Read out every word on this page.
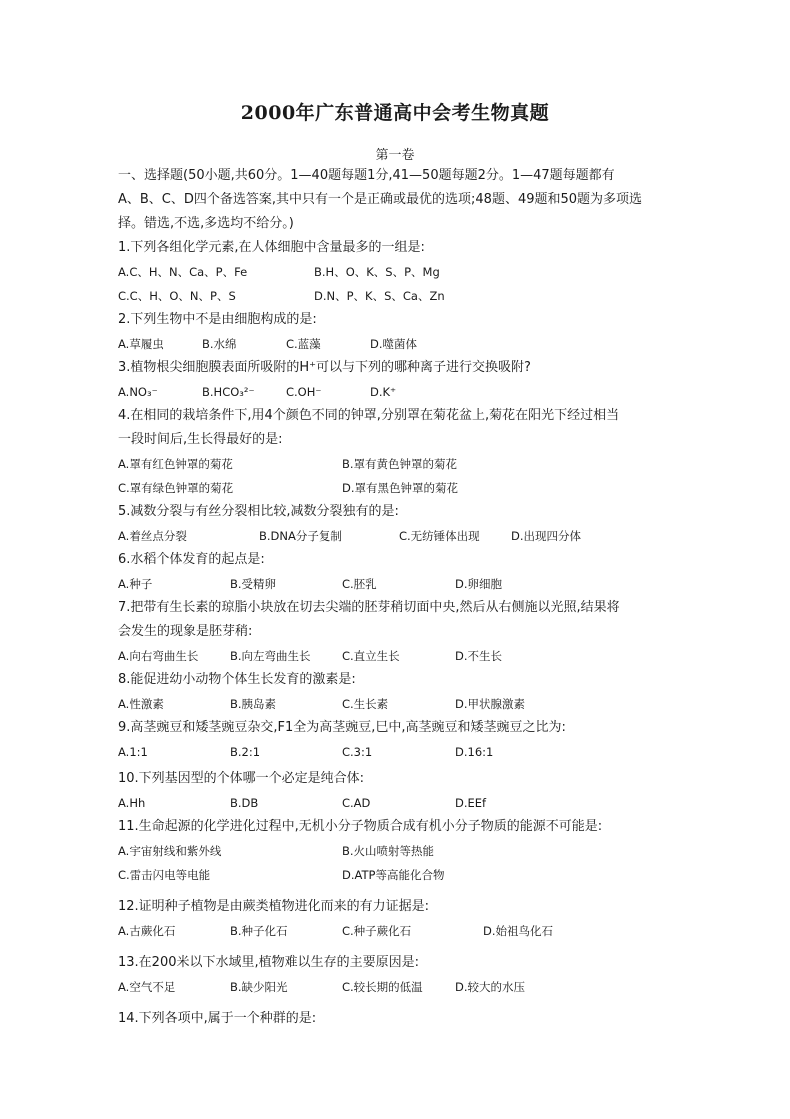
2000年广东普通高中会考生物真题
第一卷
一、选择题(50小题,共60分。1—40题每题1分,41—50题每题2分。1—47题每题都有
A、B、C、D四个备选答案,其中只有一个是正确或最优的选项;48题、49题和50题为多项选
择。错选,不选,多选均不给分。)
1.下列各组化学元素,在人体细胞中含量最多的一组是:
A.C、H、N、Ca、P、Fe	B.H、O、K、S、P、Mg
C.C、H、O、N、P、S	D.N、P、K、S、Ca、Zn
2.下列生物中不是由细胞构成的是:
A.草履虫	B.水绵	C.蓝藻	D.噬菌体
3.植物根尖细胞膜表面所吸附的H⁺可以与下列的哪种离子进行交换吸附?
A.NO₃⁻	B.HCO₃²⁻	C.OH⁻	D.K⁺
4.在相同的栽培条件下,用4个颜色不同的钟罩,分别罩在菊花盆上,菊花在阳光下经过相当
一段时间后,生长得最好的是:
A.罩有红色钟罩的菊花	B.罩有黄色钟罩的菊花
C.罩有绿色钟罩的菊花	D.罩有黑色钟罩的菊花
5.减数分裂与有丝分裂相比较,减数分裂独有的是:
A.着丝点分裂	B.DNA分子复制	C.无纺锤体出现	D.出现四分体
6.水稻个体发育的起点是:
A.种子	B.受精卵	C.胚乳	D.卵细胞
7.把带有生长素的琼脂小块放在切去尖端的胚芽稍切面中央,然后从右侧施以光照,结果将
会发生的现象是胚芽稍:
A.向右弯曲生长	B.向左弯曲生长	C.直立生长	D.不生长
8.能促进幼小动物个体生长发育的激素是:
A.性激素	B.胰岛素	C.生长素	D.甲状腺激素
9.高茎豌豆和矮茎豌豆杂交,F1全为高茎豌豆,巳中,高茎豌豆和矮茎豌豆之比为:
A.1:1	B.2:1	C.3:1	D.16:1
10.下列基因型的个体哪一个必定是纯合体:
A.Hh	B.DB	C.AD	D.EEf
11.生命起源的化学进化过程中,无机小分子物质合成有机小分子物质的能源不可能是:
A.宇宙射线和紫外线	B.火山喷射等热能
C.雷击闪电等电能	D.ATP等高能化合物
12.证明种子植物是由蕨类植物进化而来的有力证据是:
A.古蕨化石	B.种子化石	C.种子蕨化石	D.始祖鸟化石
13.在200米以下水域里,植物难以生存的主要原因是:
A.空气不足	B.缺少阳光	C.较长期的低温	D.较大的水压
14.下列各项中,属于一个种群的是:
